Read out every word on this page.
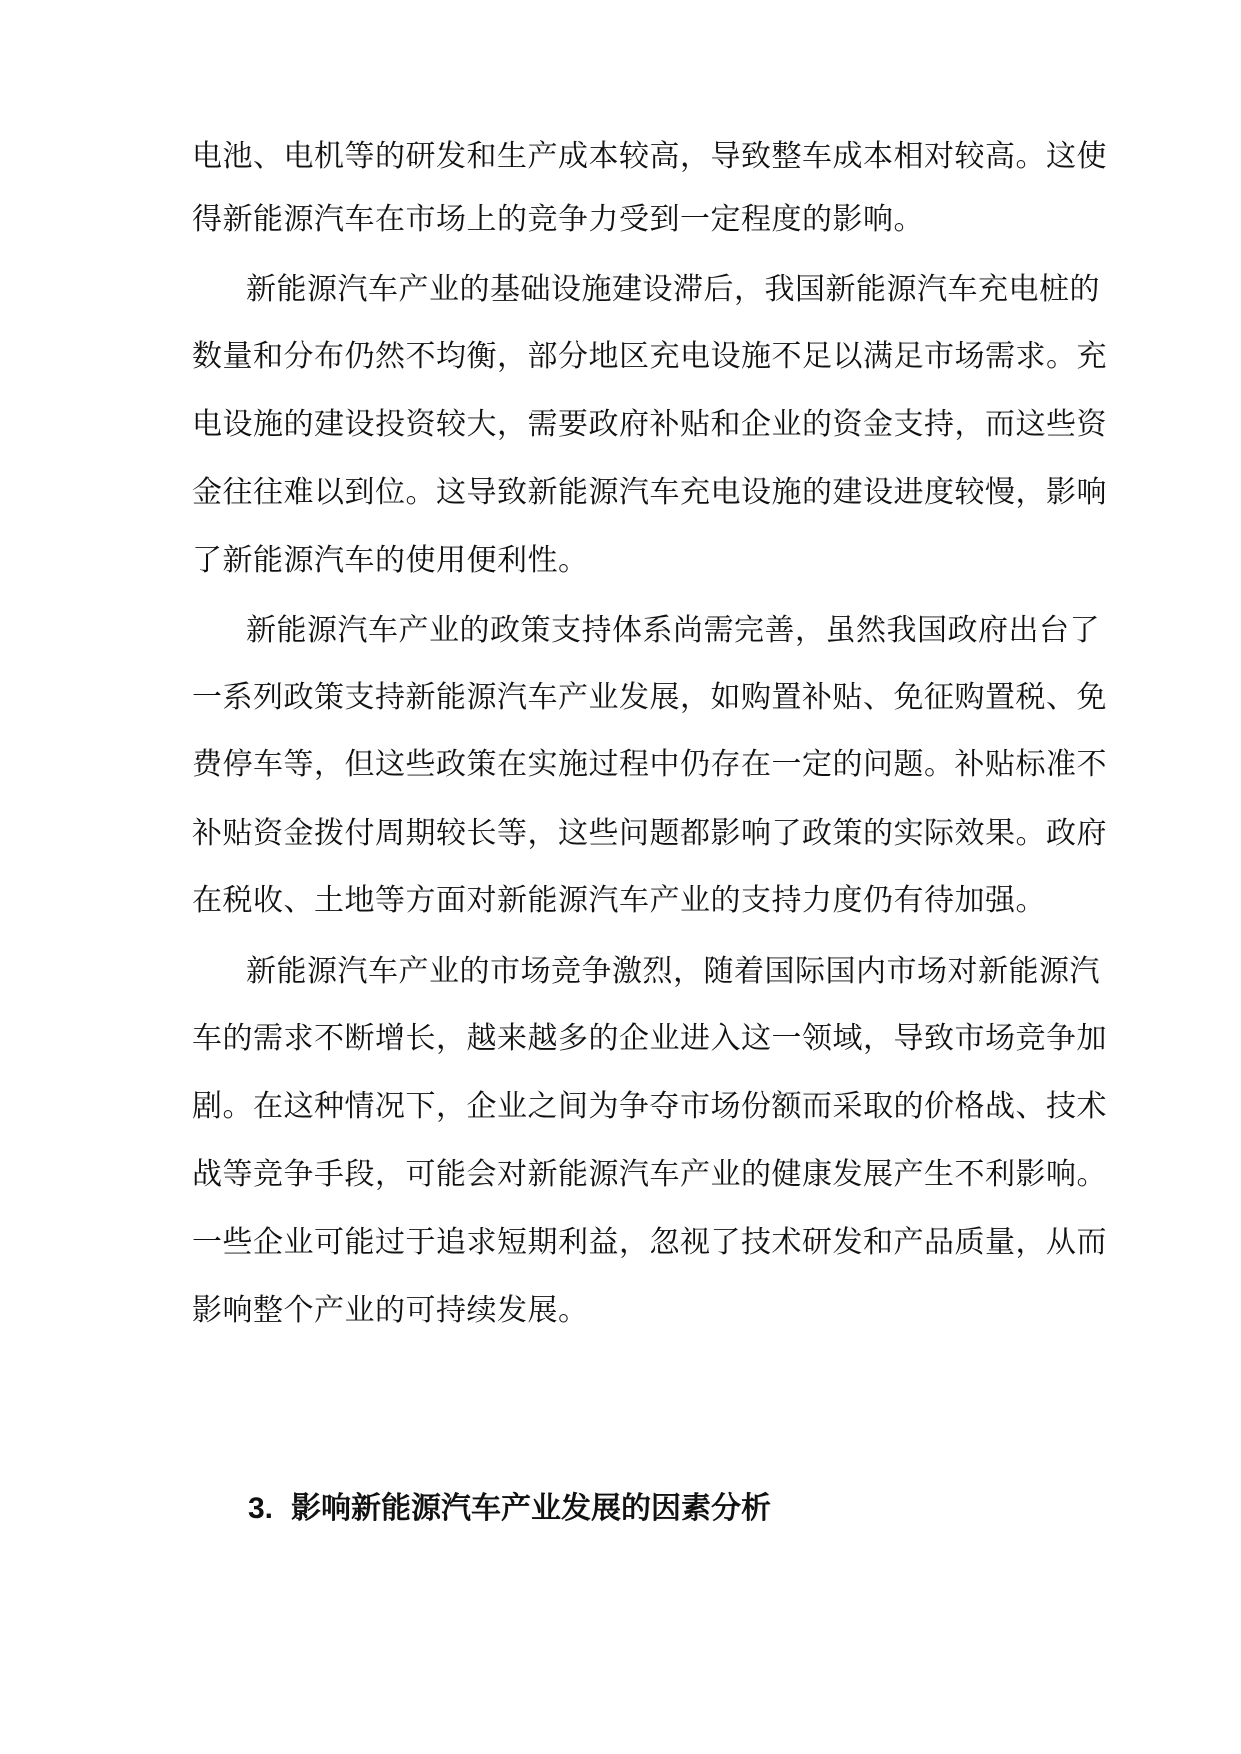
电池、电机等的研发和生产成本较高，导致整车成本相对较高。这使
得新能源汽车在市场上的竞争力受到一定程度的影响。
新能源汽车产业的基础设施建设滞后，我国新能源汽车充电桩的
数量和分布仍然不均衡，部分地区充电设施不足以满足市场需求。充
电设施的建设投资较大，需要政府补贴和企业的资金支持，而这些资
金往往难以到位。这导致新能源汽车充电设施的建设进度较慢，影响
了新能源汽车的使用便利性。
新能源汽车产业的政策支持体系尚需完善，虽然我国政府出台了
一系列政策支持新能源汽车产业发展，如购置补贴、免征购置税、免
费停车等，但这些政策在实施过程中仍存在一定的问题。补贴标准不
补贴资金拨付周期较长等，这些问题都影响了政策的实际效果。政府
在税收、土地等方面对新能源汽车产业的支持力度仍有待加强。
新能源汽车产业的市场竞争激烈，随着国际国内市场对新能源汽
车的需求不断增长，越来越多的企业进入这一领域，导致市场竞争加
剧。在这种情况下，企业之间为争夺市场份额而采取的价格战、技术
战等竞争手段，可能会对新能源汽车产业的健康发展产生不利影响。
一些企业可能过于追求短期利益，忽视了技术研发和产品质量，从而
影响整个产业的可持续发展。
3. 影响新能源汽车产业发展的因素分析
